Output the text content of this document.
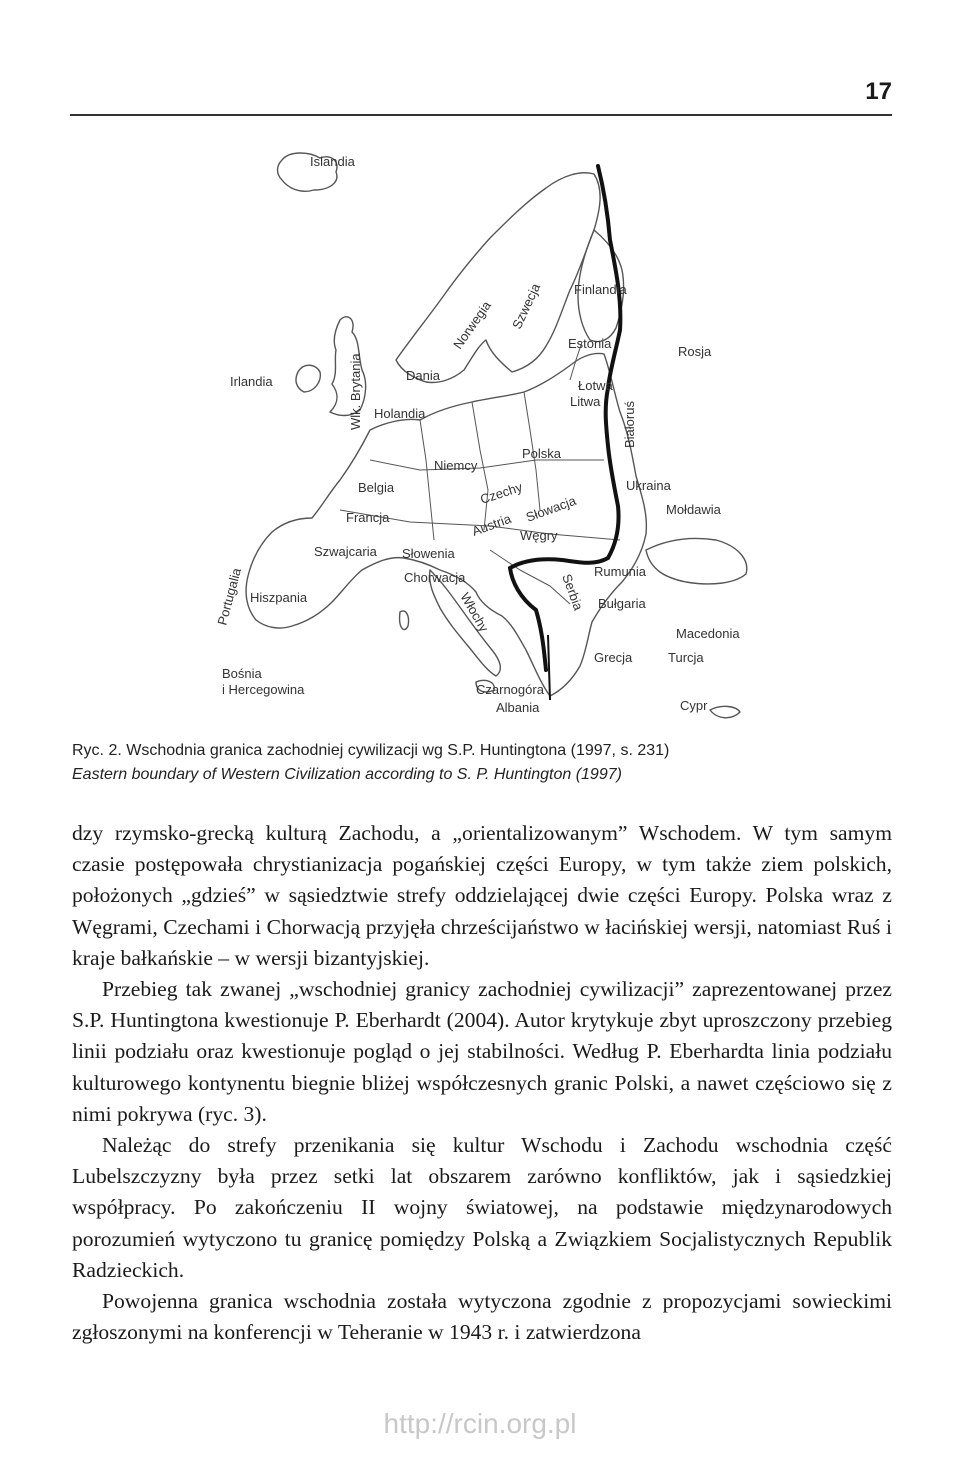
17
Islandia
Irlandia	Wlk. Brytania
Norwegia Szwecja Finlandia
Estonia
Łotwa
Litwa Białoruś
Rosja
Dania
Holandia
Belgia
Niemcy
Polska
Czechy
Francja	Austria
Słowacja
Ukraina
Mołdawia
Szwajcaria
Węgry
Słowenia
Chorwacja	Rumunia
Serbia Bułgaria
Portugalia Hiszpania	Włochy	Macedonia
Grecja	Turcja
Bośnia
i Hercegowina	Czarnogóra
Albania	Cypr
Ryc. 2. Wschodnia granica zachodniej cywilizacji wg S.P. Huntingtona (1997, s. 231)
Eastern boundary of Western Civilization according to S. P. Huntington (1997)

dzy rzymsko-grecką kulturą Zachodu, a „orientalizowanym” Wschodem. W tym samym czasie postępowała chrystianizacja pogańskiej części Europy, w tym także ziem polskich, położonych „gdzieś” w sąsiedztwie strefy oddzielającej dwie części Europy. Polska wraz z Węgrami, Czechami i Chorwacją przyjęła chrześcijaństwo w łacińskiej wersji, natomiast Ruś i kraje bałkańskie – w wersji bizantyjskiej.

Przebieg tak zwanej „wschodniej granicy zachodniej cywilizacji” zaprezentowanej przez S.P. Huntingtona kwestionuje P. Eberhardt (2004). Autor krytykuje zbyt uproszczony przebieg linii podziału oraz kwestionuje pogląd o jej stabilności. Według P. Eberhardta linia podziału kulturowego kontynentu biegnie bliżej współczesnych granic Polski, a nawet częściowo się z nimi pokrywa (ryc. 3).

Należąc do strefy przenikania się kultur Wschodu i Zachodu wschodnia część Lubelszczyzny była przez setki lat obszarem zarówno konfliktów, jak i sąsiedzkiej współpracy. Po zakończeniu II wojny światowej, na podstawie międzynarodowych porozumień wytyczono tu granicę pomiędzy Polską a Związkiem Socjalistycznych Republik Radzieckich.

Powojenna granica wschodnia została wytyczona zgodnie z propozycjami sowieckimi zgłoszonymi na konferencji w Teheranie w 1943 r. i zatwierdzona

http://rcin.org.pl
